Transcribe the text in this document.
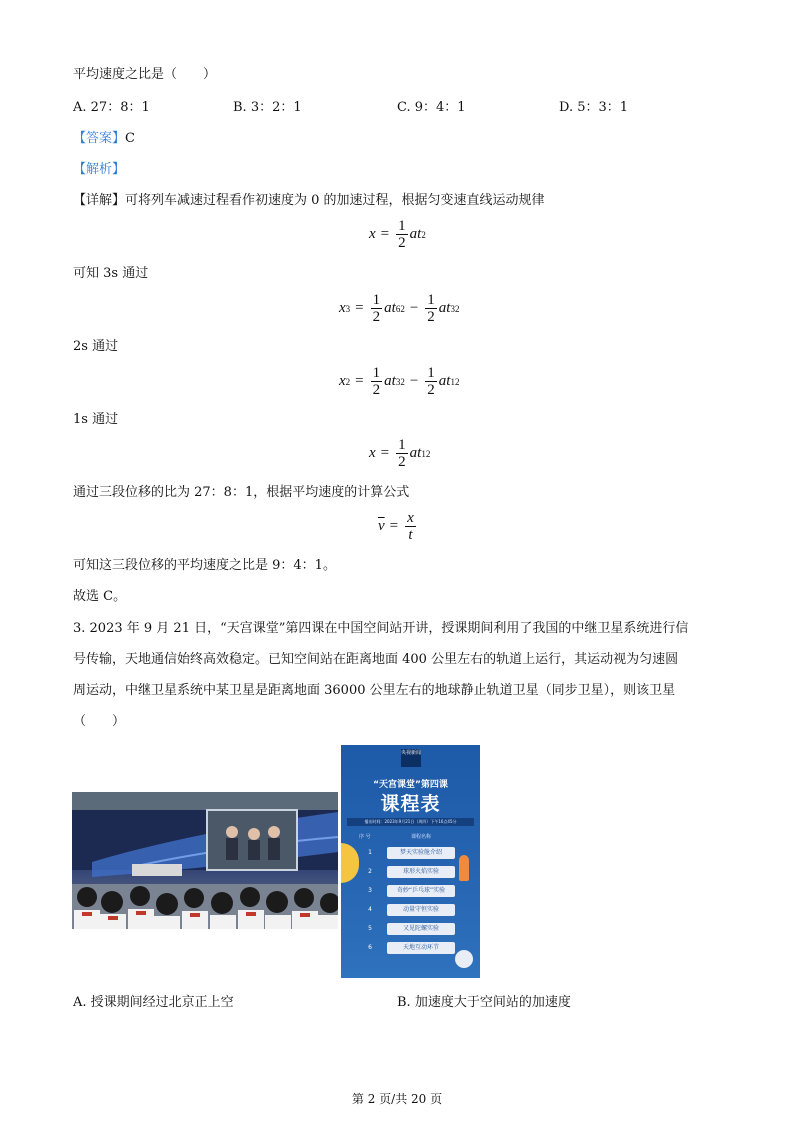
平均速度之比是（　　）
A. 27：8：1	B. 3：2：1	C. 9：4：1	D. 5：3：1
【答案】C
【解析】
【详解】可将列车减速过程看作初速度为 0 的加速过程，根据匀变速直线运动规律
$x = \frac{1}{2}$ at 2
可知 3s 通过
x $3 = \frac{1}{2}$ at 6 $2 - \frac{1}{2}$ at 3 2
2s 通过
x $2 = \frac{1}{2}$ at 3 $2 - \frac{1}{2}$ at 1 2
1s 通过
$x = \frac{1}{2}$ at 1 2
通过三段位移的比为 27：8：1，根据平均速度的计算公式
$\overline{v} = \frac{x}{t}$
可知这三段位移的平均速度之比是 9：4：1。
故选 C。
3. 2023 年 9 月 21 日，“天宫课堂”第四课在中国空间站开讲，授课期间利用了我国的中继卫星系统进行信
号传输，天地通信始终高效稳定。已知空间站在距离地面 400 公里左右的轨道上运行，其运动视为匀速圆
周运动，中继卫星系统中某卫星是距离地面 36000 公里左右的地球静止轨道卫星（同步卫星），则该卫星
（　　）
央视新闻
“天宫课堂”第四课
课程表
播出时间：2023年9月21日（周四）下午16点45分
序 号	课程名称
1	梦天实验舱介绍
2	球形火焰实验
3	奇妙“乒乓球”实验
4	动量守恒实验
5	又见陀螺实验
6	天地互动环节
A. 授课期间经过北京正上空	B. 加速度大于空间站的加速度
第 2 页/共 20 页
